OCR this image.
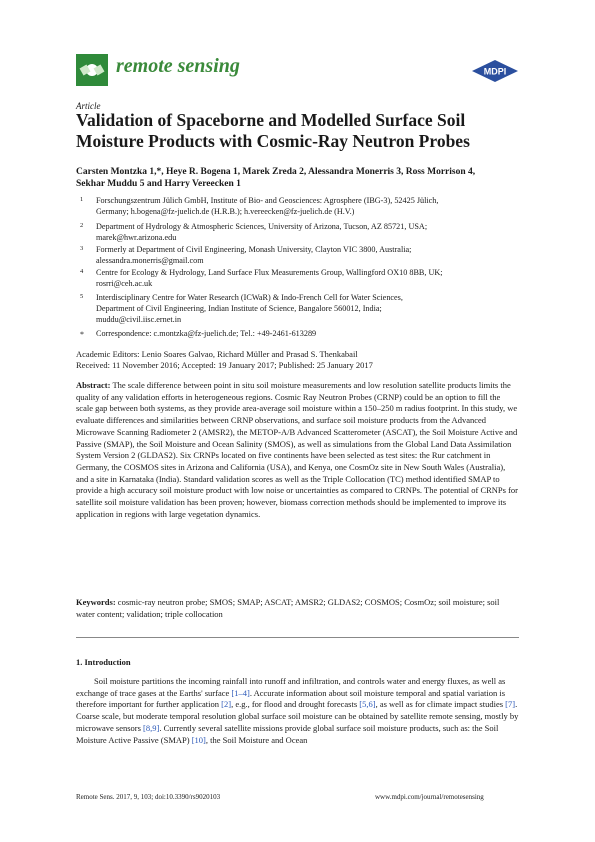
remote sensing	MDPI
Article
Validation of Spaceborne and Modelled Surface Soil Moisture Products with Cosmic-Ray Neutron Probes
Carsten Montzka 1,*, Heye R. Bogena 1, Marek Zreda 2, Alessandra Monerris 3, Ross Morrison 4,
Sekhar Muddu 5 and Harry Vereecken 1
1 Forschungszentrum Jülich GmbH, Institute of Bio- and Geosciences: Agrosphere (IBG-3), 52425 Jülich,
Germany; h.bogena@fz-juelich.de (H.R.B.); h.vereecken@fz-juelich.de (H.V.)
2 Department of Hydrology & Atmospheric Sciences, University of Arizona, Tucson, AZ 85721, USA;
marek@hwr.arizona.edu
3 Formerly at Department of Civil Engineering, Monash University, Clayton VIC 3800, Australia;
alessandra.monerris@gmail.com
4 Centre for Ecology & Hydrology, Land Surface Flux Measurements Group, Wallingford OX10 8BB, UK;
rosrri@ceh.ac.uk
5 Interdisciplinary Centre for Water Research (ICWaR) & Indo-French Cell for Water Sciences,
Department of Civil Engineering, Indian Institute of Science, Bangalore 560012, India;
muddu@civil.iisc.ernet.in
* Correspondence: c.montzka@fz-juelich.de; Tel.: +49-2461-613289
Academic Editors: Lenio Soares Galvao, Richard Müller and Prasad S. Thenkabail
Received: 11 November 2016; Accepted: 19 January 2017; Published: 25 January 2017
Abstract: The scale difference between point in situ soil moisture measurements and low resolution satellite products limits the quality of any validation efforts in heterogeneous regions. Cosmic Ray Neutron Probes (CRNP) could be an option to fill the scale gap between both systems, as they provide area-average soil moisture within a 150–250 m radius footprint. In this study, we evaluate differences and similarities between CRNP observations, and surface soil moisture products from the Advanced Microwave Scanning Radiometer 2 (AMSR2), the METOP-A/B Advanced Scatterometer (ASCAT), the Soil Moisture Active and Passive (SMAP), the Soil Moisture and Ocean Salinity (SMOS), as well as simulations from the Global Land Data Assimilation System Version 2 (GLDAS2). Six CRNPs located on five continents have been selected as test sites: the Rur catchment in Germany, the COSMOS sites in Arizona and California (USA), and Kenya, one CosmOz site in New South Wales (Australia), and a site in Karnataka (India). Standard validation scores as well as the Triple Collocation (TC) method identified SMAP to provide a high accuracy soil moisture product with low noise or uncertainties as compared to CRNPs. The potential of CRNPs for satellite soil moisture validation has been proven; however, biomass correction methods should be implemented to improve its application in regions with large vegetation dynamics.
Keywords: cosmic-ray neutron probe; SMOS; SMAP; ASCAT; AMSR2; GLDAS2; COSMOS; CosmOz; soil moisture; soil water content; validation; triple collocation
1. Introduction
Soil moisture partitions the incoming rainfall into runoff and infiltration, and controls water and energy fluxes, as well as exchange of trace gases at the Earths' surface [1–4]. Accurate information about soil moisture temporal and spatial variation is therefore important for further application [2], e.g., for flood and drought forecasts [5,6], as well as for climate impact studies [7]. Coarse scale, but moderate temporal resolution global surface soil moisture can be obtained by satellite remote sensing, mostly by microwave sensors [8,9]. Currently several satellite missions provide global surface soil moisture products, such as: the Soil Moisture Active Passive (SMAP) [10], the Soil Moisture and Ocean
Remote Sens. 2017, 9, 103; doi:10.3390/rs9020103	www.mdpi.com/journal/remotesensing
